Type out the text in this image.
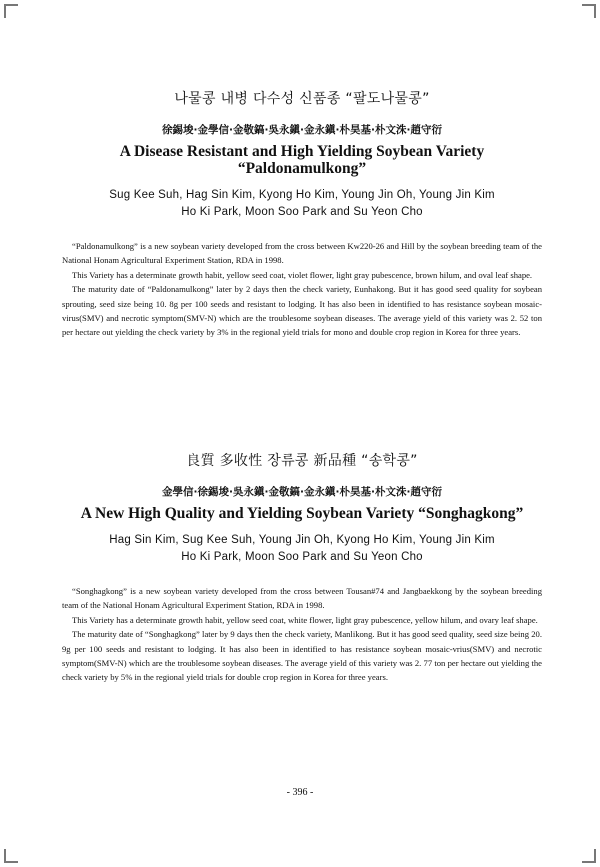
나물콩 내병 다수성 신품종 “팔도나물콩”
徐錫埈·金學信·金敬鎬·吳永鎭·金永鎭·朴昊基·朴文洙·趙守衍
A Disease Resistant and High Yielding Soybean Variety
“Paldonamulkong”
Sug Kee Suh, Hag Sin Kim, Kyong Ho Kim, Young Jin Oh, Young Jin Kim
Ho Ki Park, Moon Soo Park and Su Yeon Cho

“Paldonamulkong” is a new soybean variety developed from the cross between Kw220-26 and Hill by the soybean breeding team of the National Honam Agricultural Experiment Station, RDA in 1998.

This Variety has a determinate growth habit, yellow seed coat, violet flower, light gray pubescence, brown hilum, and oval leaf shape.

The maturity date of “Paldonamulkong” later by 2 days then the check variety, Eunhakong. But it has good seed quality for soybean sprouting, seed size being 10. 8g per 100 seeds and resistant to lodging. It has also been in identified to has resistance soybean mosaic-virus(SMV) and necrotic symptom(SMV-N) which are the troublesome soybean diseases. The average yield of this variety was 2. 52 ton per hectare out yielding the check variety by 3% in the regional yield trials for mono and double crop region in Korea for three years.

良質 多收性 장류콩 新品種 “송학콩”
金學信·徐錫埈·吳永鎭·金敬鎬·金永鎭·朴昊基·朴文洙·趙守衍
A New High Quality and Yielding Soybean Variety “Songhagkong”
Hag Sin Kim, Sug Kee Suh, Young Jin Oh, Kyong Ho Kim, Young Jin Kim
Ho Ki Park, Moon Soo Park and Su Yeon Cho

“Songhagkong” is a new soybean variety developed from the cross between Tousan#74 and Jangbaekkong by the soybean breeding team of the National Honam Agricultural Experiment Station, RDA in 1998.

This Variety has a determinate growth habit, yellow seed coat, white flower, light gray pubescence, yellow hilum, and ovary leaf shape.

The maturity date of “Songhagkong” later by 9 days then the check variety, Manlikong. But it has good seed quality, seed size being 20. 9g per 100 seeds and resistant to lodging. It has also been in identified to has resistance soybean mosaic-vrius(SMV) and necrotic symptom(SMV-N) which are the troublesome soybean diseases. The average yield of this variety was 2. 77 ton per hectare out yielding the check variety by 5% in the regional yield trials for double crop region in Korea for three years.

- 396 -
